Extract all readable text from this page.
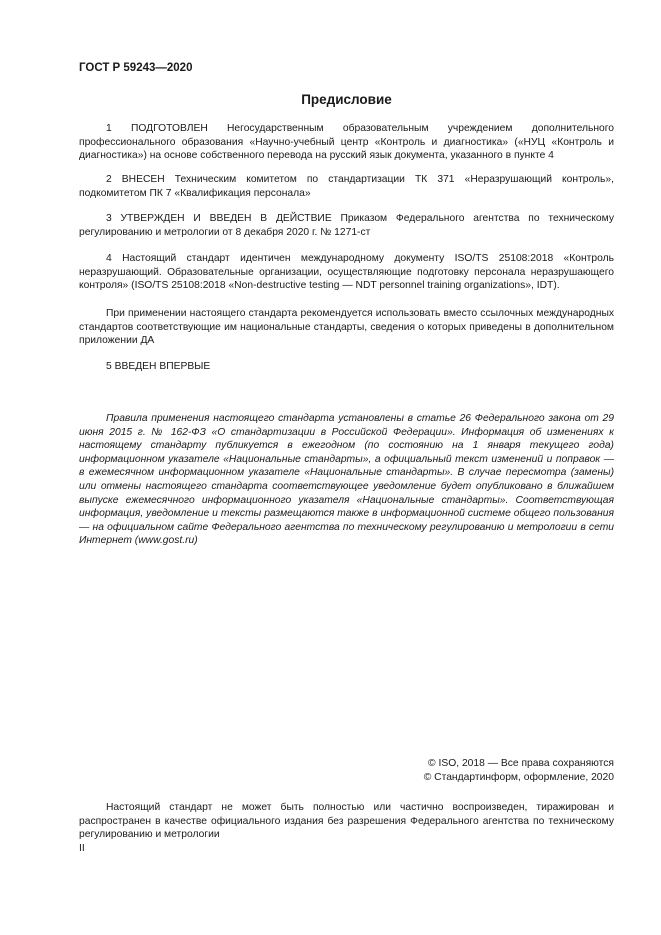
ГОСТ Р 59243—2020
Предисловие
1 ПОДГОТОВЛЕН Негосударственным образовательным учреждением дополнительного профессионального образования «Научно-учебный центр «Контроль и диагностика» («НУЦ «Контроль и диагностика») на основе собственного перевода на русский язык документа, указанного в пункте 4
2 ВНЕСЕН Техническим комитетом по стандартизации ТК 371 «Неразрушающий контроль», подкомитетом ПК 7 «Квалификация персонала»
3 УТВЕРЖДЕН И ВВЕДЕН В ДЕЙСТВИЕ Приказом Федерального агентства по техническому регулированию и метрологии от 8 декабря 2020 г. № 1271-ст
4 Настоящий стандарт идентичен международному документу ISO/TS 25108:2018 «Контроль неразрушающий. Образовательные организации, осуществляющие подготовку персонала неразрушающего контроля» (ISO/TS 25108:2018 «Non-destructive testing — NDT personnel training organizations», IDT).
При применении настоящего стандарта рекомендуется использовать вместо ссылочных международных стандартов соответствующие им национальные стандарты, сведения о которых приведены в дополнительном приложении ДА
5 ВВЕДЕН ВПЕРВЫЕ
Правила применения настоящего стандарта установлены в статье 26 Федерального закона от 29 июня 2015 г. № 162-ФЗ «О стандартизации в Российской Федерации». Информация об изменениях к настоящему стандарту публикуется в ежегодном (по состоянию на 1 января текущего года) информационном указателе «Национальные стандарты», а официальный текст изменений и поправок — в ежемесячном информационном указателе «Национальные стандарты». В случае пересмотра (замены) или отмены настоящего стандарта соответствующее уведомление будет опубликовано в ближайшем выпуске ежемесячного информационного указателя «Национальные стандарты». Соответствующая информация, уведомление и тексты размещаются также в информационной системе общего пользования — на официальном сайте Федерального агентства по техническому регулированию и метрологии в сети Интернет (www.gost.ru)
© ISO, 2018 — Все права сохраняются
© Стандартинформ, оформление, 2020
Настоящий стандарт не может быть полностью или частично воспроизведен, тиражирован и распространен в качестве официального издания без разрешения Федерального агентства по техническому регулированию и метрологии
II
